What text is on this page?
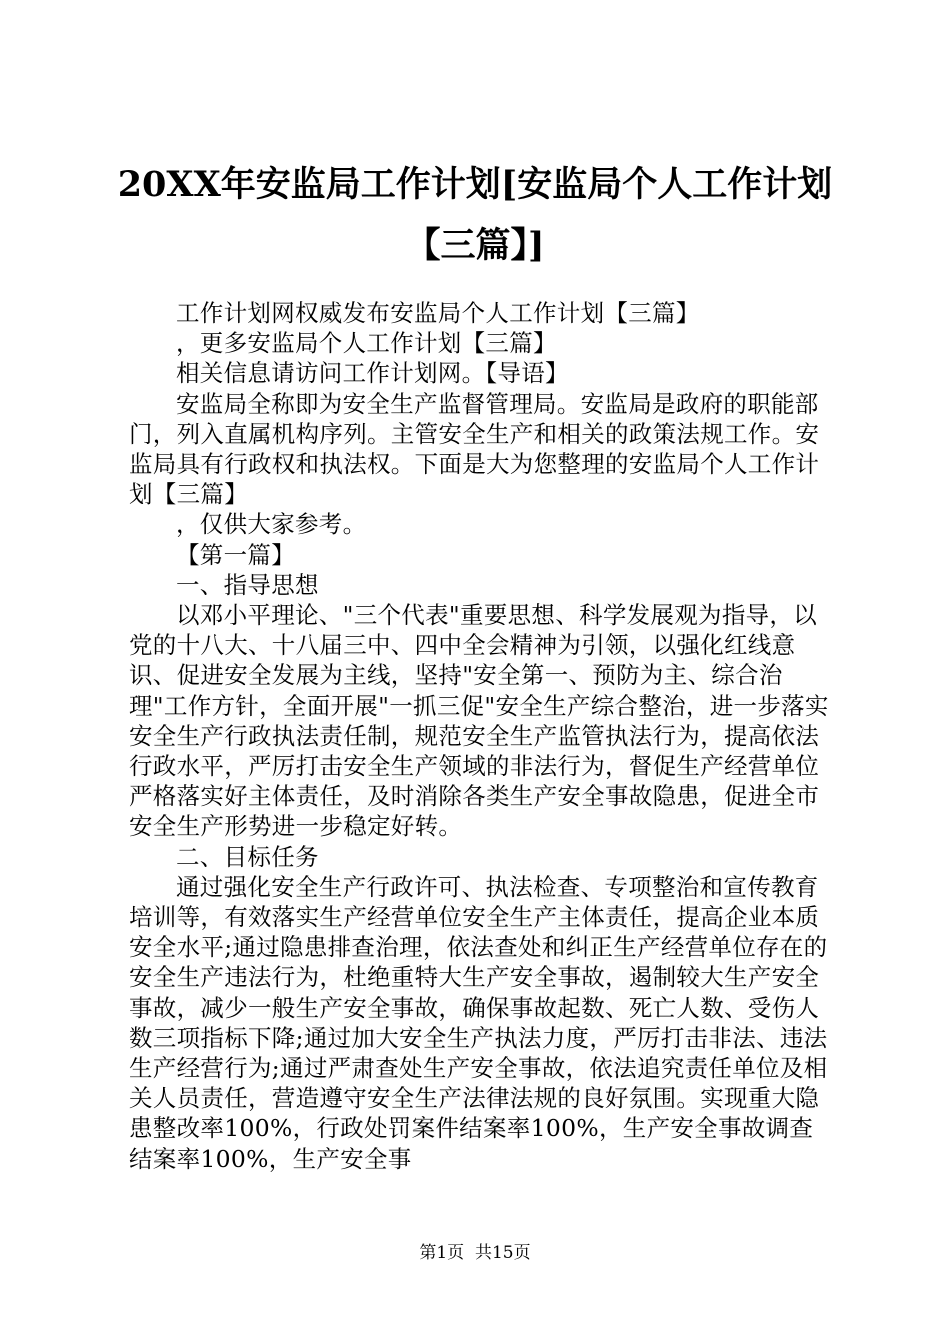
20XX年安监局工作计划[安监局个人工作计划
【三篇】]

工作计划网权威发布安监局个人工作计划【三篇】

，更多安监局个人工作计划【三篇】

相关信息请访问工作计划网。【导语】

安监局全称即为安全生产监督管理局。安监局是政府的职能部门，列入直属机构序列。主管安全生产和相关的政策法规工作。安监局具有行政权和执法权。下面是大为您整理的安监局个人工作计划【三篇】

，仅供大家参考。

【第一篇】

一、指导思想

以邓小平理论、"三个代表"重要思想、科学发展观为指导，以党的十八大、十八届三中、四中全会精神为引领，以强化红线意识、促进安全发展为主线，坚持"安全第一、预防为主、综合治理"工作方针，全面开展"一抓三促"安全生产综合整治，进一步落实安全生产行政执法责任制，规范安全生产监管执法行为，提高依法行政水平，严厉打击安全生产领域的非法行为，督促生产经营单位严格落实好主体责任，及时消除各类生产安全事故隐患，促进全市安全生产形势进一步稳定好转。

二、目标任务

通过强化安全生产行政许可、执法检查、专项整治和宣传教育培训等，有效落实生产经营单位安全生产主体责任，提高企业本质安全水平;通过隐患排查治理，依法查处和纠正生产经营单位存在的安全生产违法行为，杜绝重特大生产安全事故，遏制较大生产安全事故，减少一般生产安全事故，确保事故起数、死亡人数、受伤人数三项指标下降;通过加大安全生产执法力度，严厉打击非法、违法生产经营行为;通过严肃查处生产安全事故，依法追究责任单位及相关人员责任，营造遵守安全生产法律法规的良好氛围。实现重大隐患整改率100%，行政处罚案件结案率100%，生产安全事故调查结案率100%，生产安全事

第1页  共15页
